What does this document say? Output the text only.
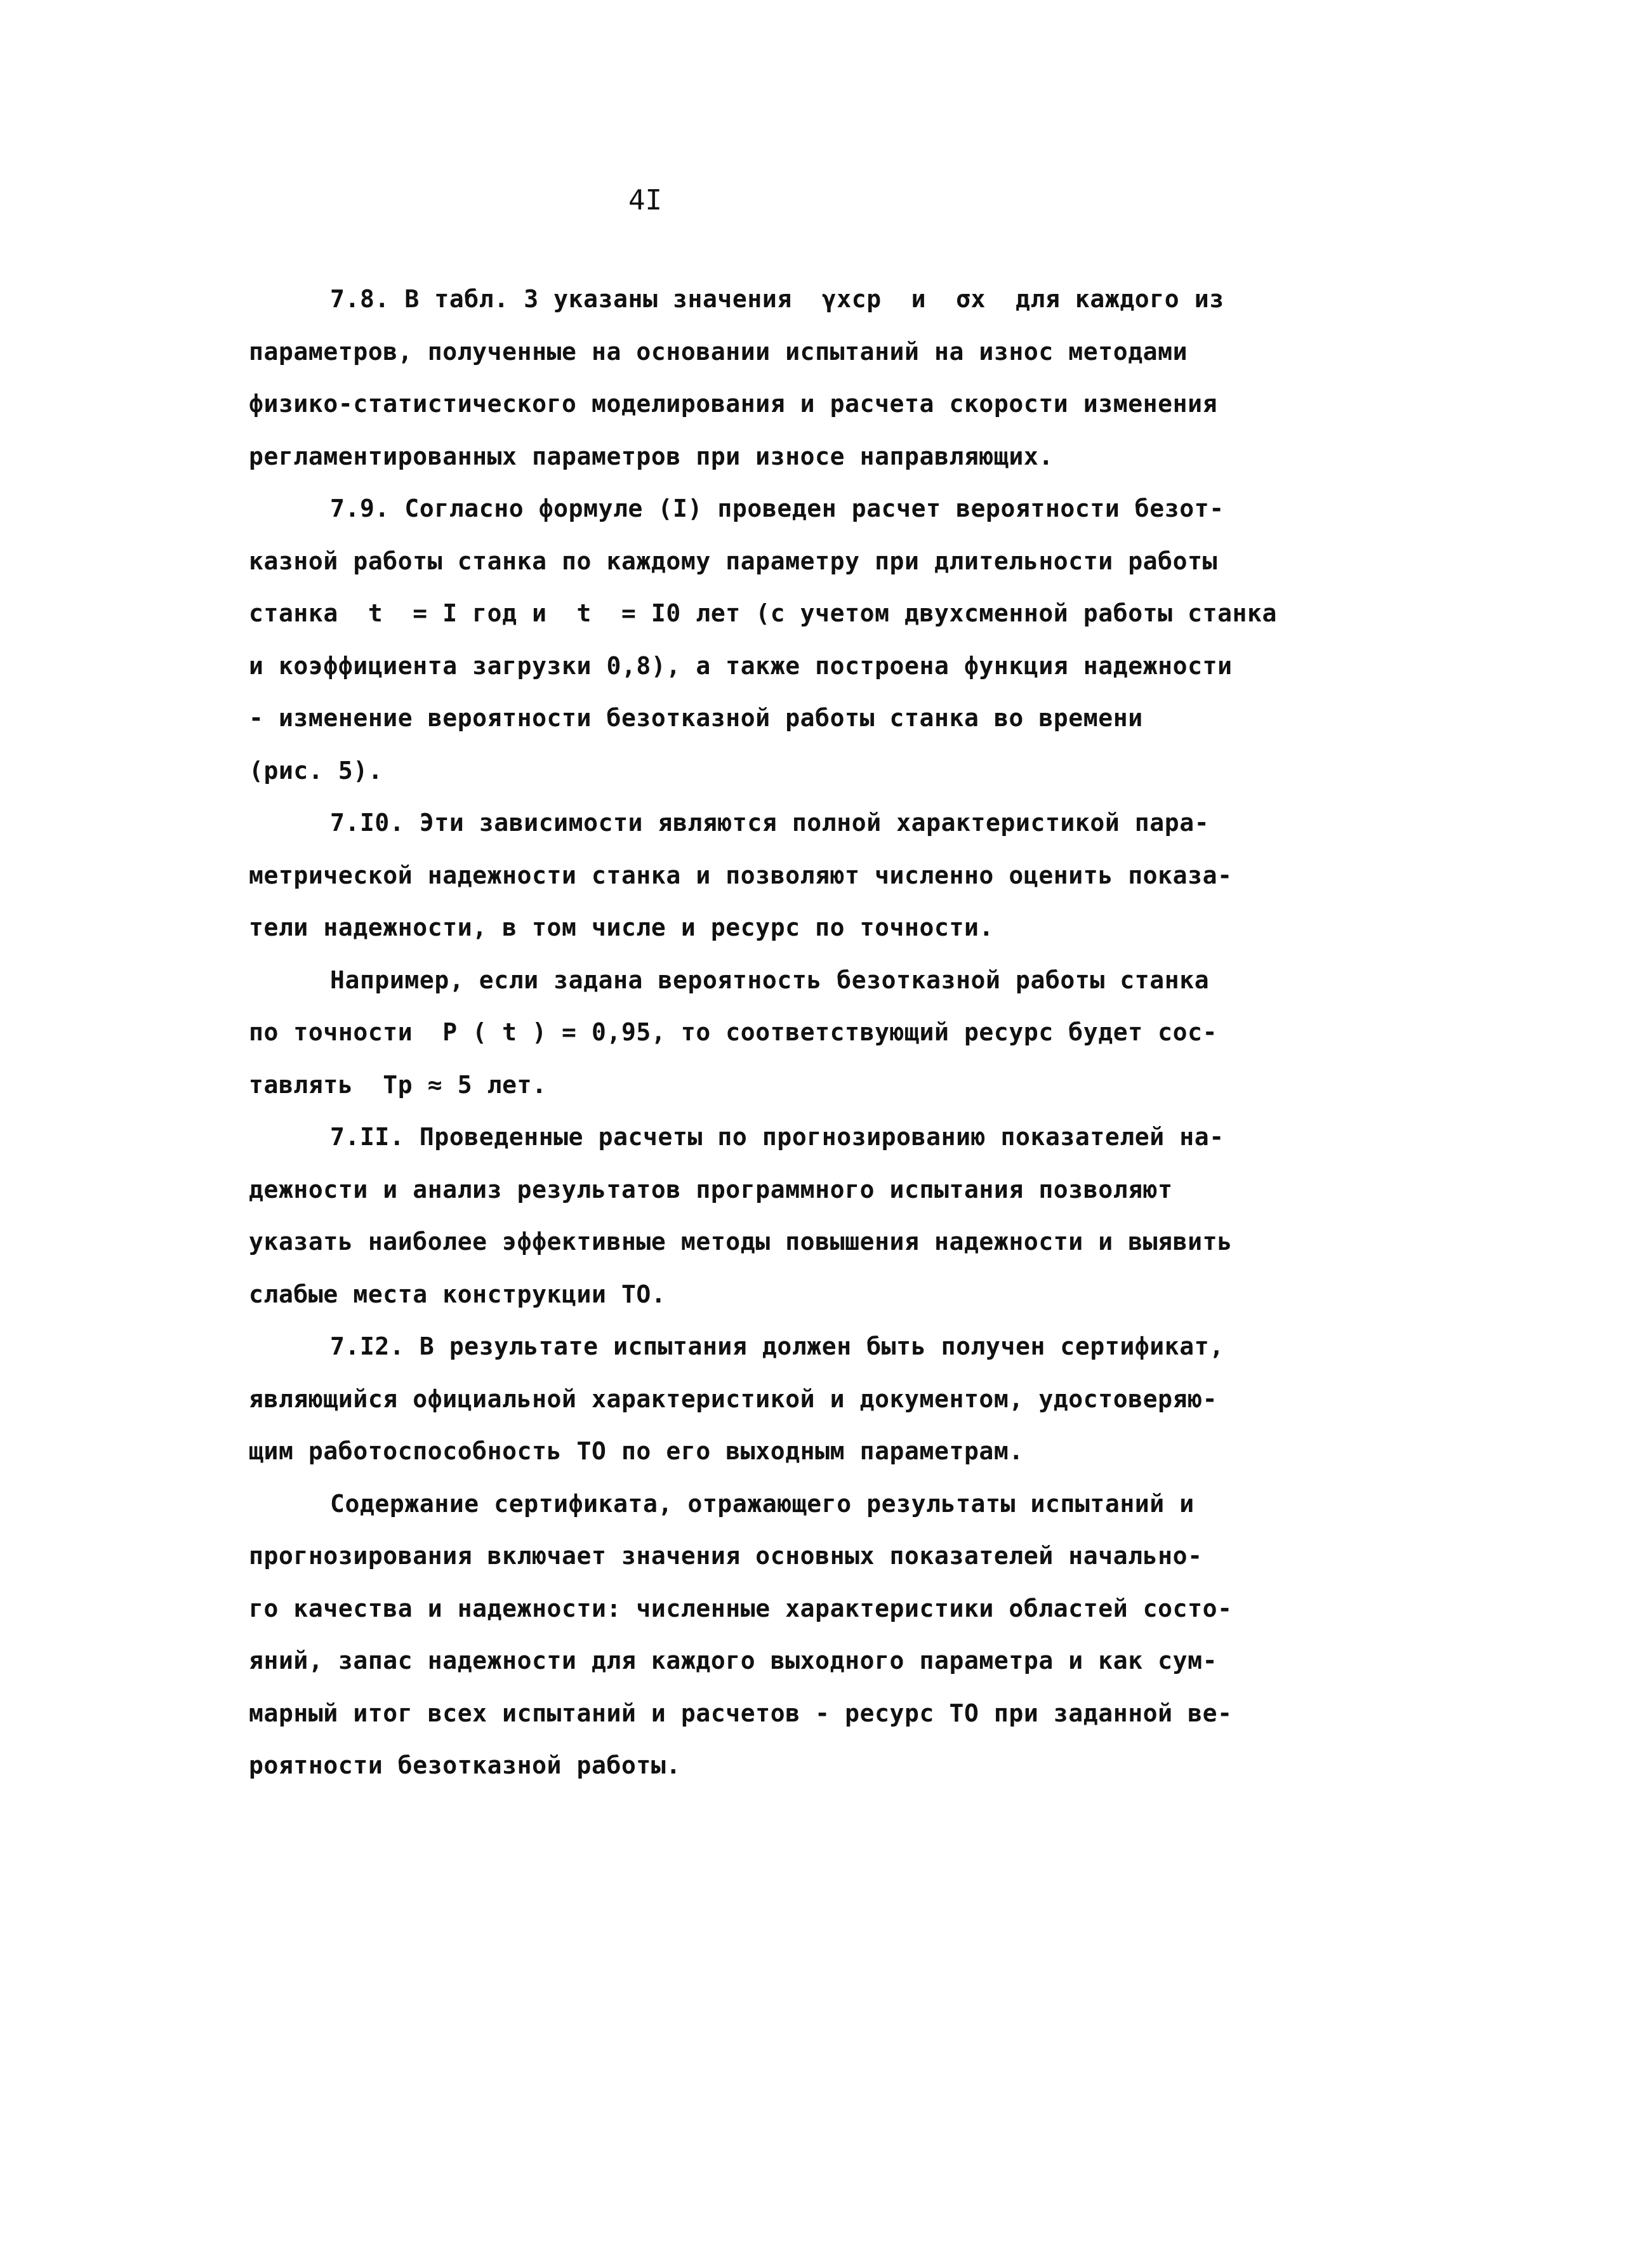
4I
7.8. В табл. 3 указаны значения  γxср  и  σx  для каждого из
параметров, полученные на основании испытаний на износ методами
физико-статистического моделирования и расчета скорости изменения
регламентированных параметров при износе направляющих.
7.9. Согласно формуле (I) проведен расчет вероятности безот-
казной работы станка по каждому параметру при длительности работы
станка  t  = I год и  t  = I0 лет (с учетом двухсменной работы станка
и коэффициента загрузки 0,8), а также построена функция надежности
- изменение вероятности безотказной работы станка во времени
(рис. 5).
7.I0. Эти зависимости являются полной характеристикой пара-
метрической надежности станка и позволяют численно оценить показа-
тели надежности, в том числе и ресурс по точности.
Например, если задана вероятность безотказной работы станка
по точности  P ( t ) = 0,95, то соответствующий ресурс будет сос-
тавлять  Tр ≈ 5 лет.
7.II. Проведенные расчеты по прогнозированию показателей на-
дежности и анализ результатов программного испытания позволяют
указать наиболее эффективные методы повышения надежности и выявить
слабые места конструкции ТО.
7.I2. В результате испытания должен быть получен сертификат,
являющийся официальной характеристикой и документом, удостоверяю-
щим работоспособность ТО по его выходным параметрам.
Содержание сертификата, отражающего результаты испытаний и
прогнозирования включает значения основных показателей начально-
го качества и надежности: численные характеристики областей состо-
яний, запас надежности для каждого выходного параметра и как сум-
марный итог всех испытаний и расчетов - ресурс ТО при заданной ве-
роятности безотказной работы.
